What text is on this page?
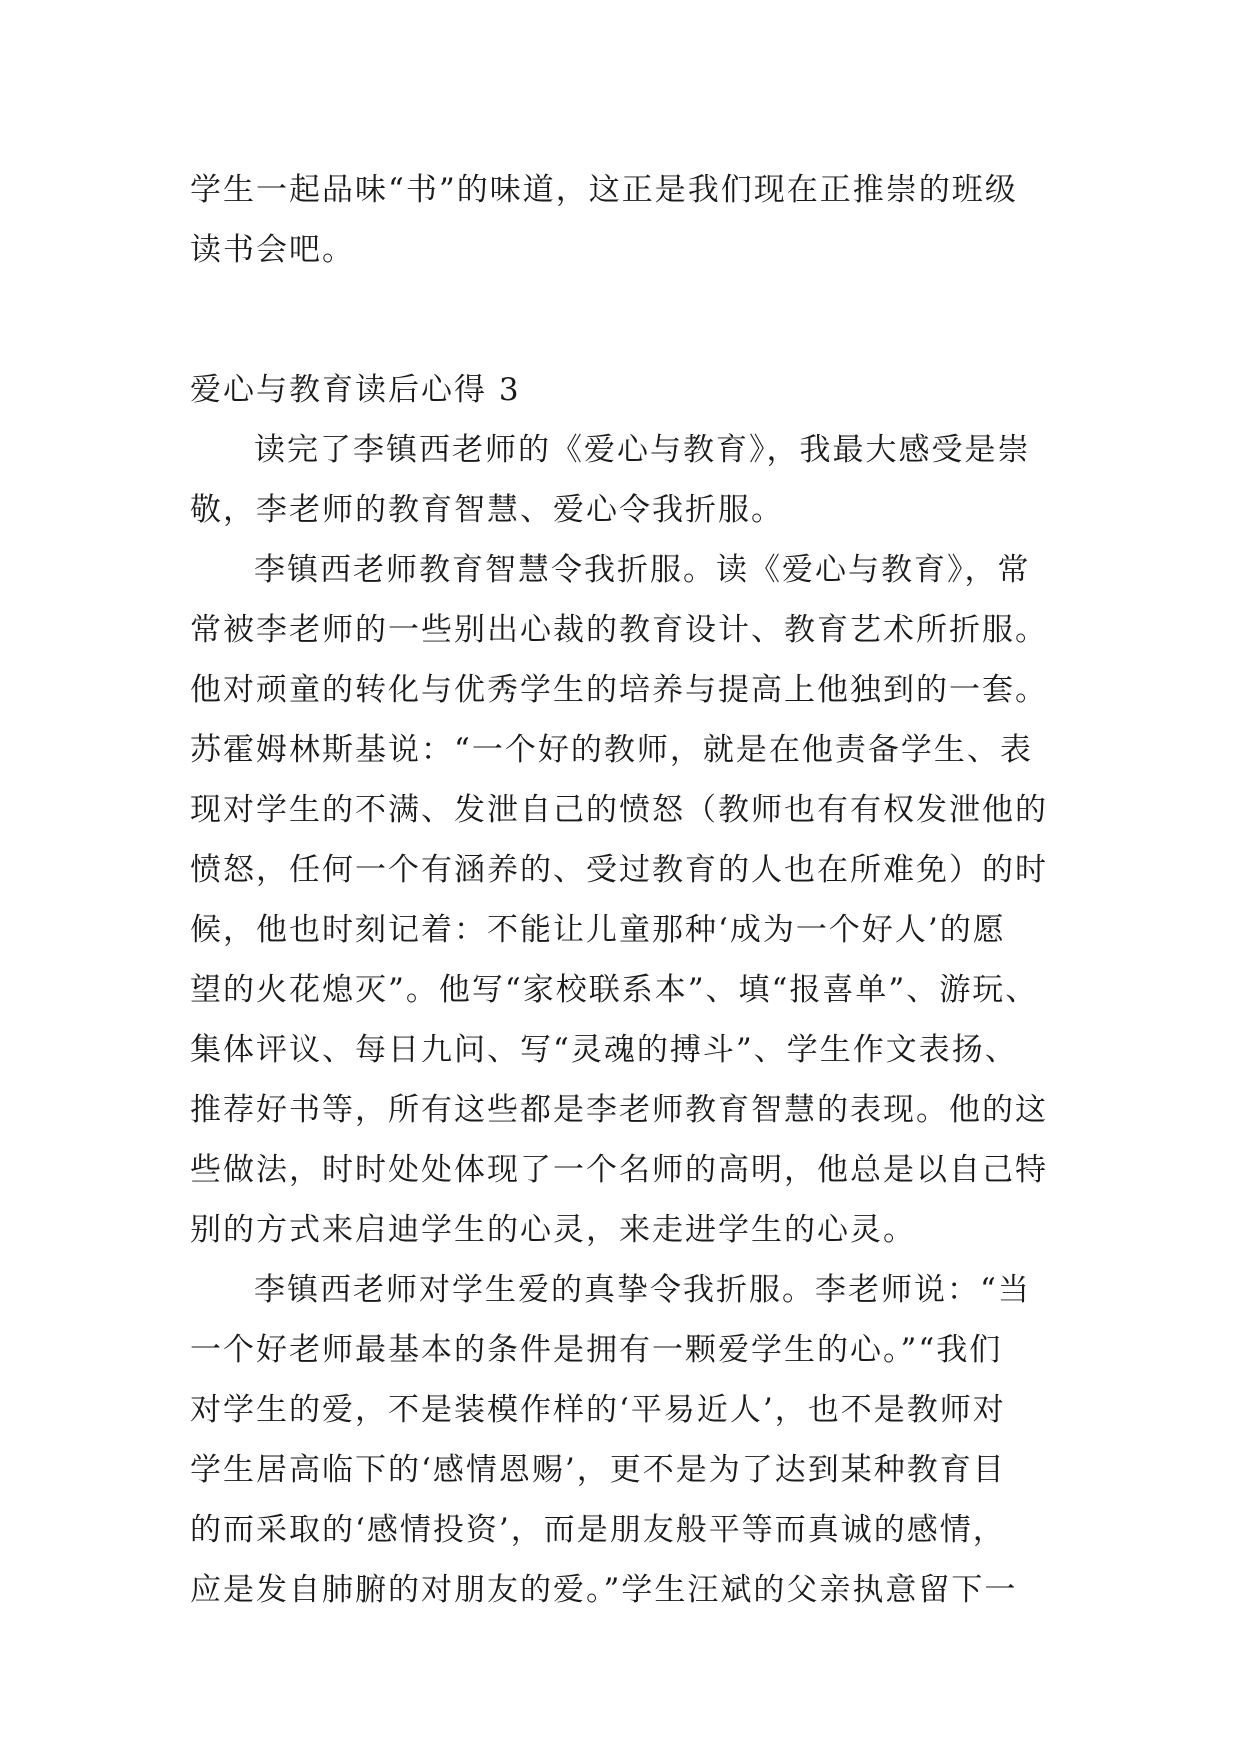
学生一起品味“书”的味道，这正是我们现在正推崇的班级
读书会吧。
爱心与教育读后心得 3
读完了李镇西老师的《爱心与教育》，我最大感受是崇
敬，李老师的教育智慧、爱心令我折服。
李镇西老师教育智慧令我折服。读《爱心与教育》，常
常被李老师的一些别出心裁的教育设计、教育艺术所折服。
他对顽童的转化与优秀学生的培养与提高上他独到的一套。
苏霍姆林斯基说：“一个好的教师，就是在他责备学生、表
现对学生的不满、发泄自己的愤怒（教师也有有权发泄他的
愤怒，任何一个有涵养的、受过教育的人也在所难免）的时
候，他也时刻记着：不能让儿童那种‘成为一个好人’的愿
望的火花熄灭”。他写“家校联系本”、填“报喜单”、游玩、
集体评议、每日九问、写“灵魂的搏斗”、学生作文表扬、
推荐好书等，所有这些都是李老师教育智慧的表现。他的这
些做法，时时处处体现了一个名师的高明，他总是以自己特
别的方式来启迪学生的心灵，来走进学生的心灵。
李镇西老师对学生爱的真挚令我折服。李老师说：“当
一个好老师最基本的条件是拥有一颗爱学生的心。”“我们
对学生的爱，不是装模作样的‘平易近人’，也不是教师对
学生居高临下的‘感情恩赐’，更不是为了达到某种教育目
的而采取的‘感情投资’，而是朋友般平等而真诚的感情，
应是发自肺腑的对朋友的爱。”学生汪斌的父亲执意留下一
